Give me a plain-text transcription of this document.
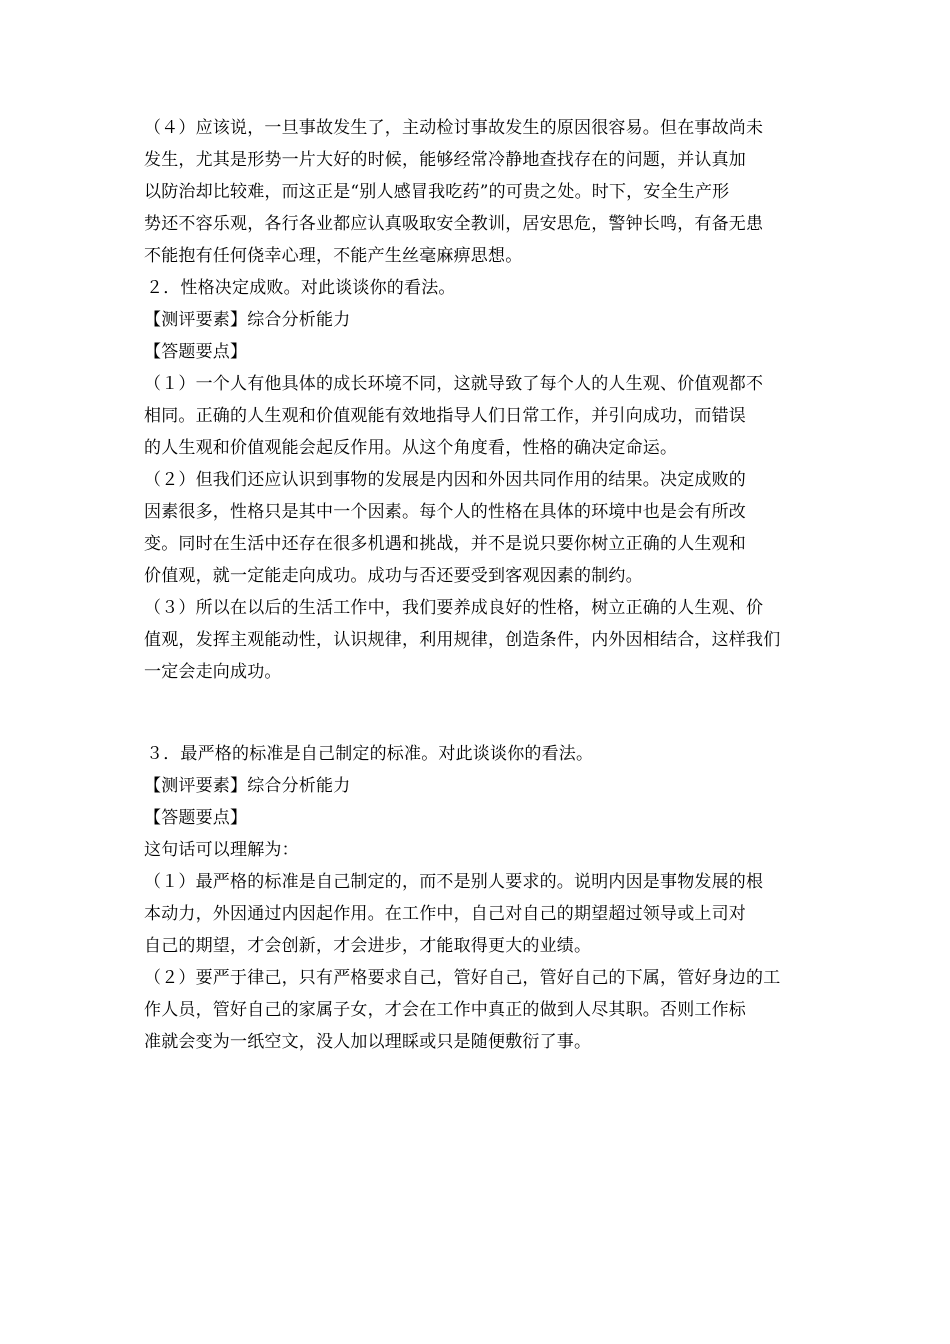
（４）应该说，一旦事故发生了，主动检讨事故发生的原因很容易。但在事故尚未
发生，尤其是形势一片大好的时候，能够经常冷静地查找存在的问题，并认真加
以防治却比较难，而这正是“别人感冒我吃药”的可贵之处。时下，安全生产形
势还不容乐观，各行各业都应认真吸取安全教训，居安思危，警钟长鸣，有备无患
不能抱有任何侥幸心理，不能产生丝毫麻痹思想。
２．性格决定成败。对此谈谈你的看法。
【测评要素】综合分析能力
【答题要点】
（１）一个人有他具体的成长环境不同，这就导致了每个人的人生观、价值观都不
相同。正确的人生观和价值观能有效地指导人们日常工作，并引向成功，而错误
的人生观和价值观能会起反作用。从这个角度看，性格的确决定命运。
（２）但我们还应认识到事物的发展是内因和外因共同作用的结果。决定成败的
因素很多，性格只是其中一个因素。每个人的性格在具体的环境中也是会有所改
变。同时在生活中还存在很多机遇和挑战，并不是说只要你树立正确的人生观和
价值观，就一定能走向成功。成功与否还要受到客观因素的制约。
（３）所以在以后的生活工作中，我们要养成良好的性格，树立正确的人生观、价
值观，发挥主观能动性，认识规律，利用规律，创造条件，内外因相结合，这样我们
一定会走向成功。
３．最严格的标准是自己制定的标准。对此谈谈你的看法。
【测评要素】综合分析能力
【答题要点】
这句话可以理解为：
（１）最严格的标准是自己制定的，而不是别人要求的。说明内因是事物发展的根
本动力，外因通过内因起作用。在工作中，自己对自己的期望超过领导或上司对
自己的期望，才会创新，才会进步，才能取得更大的业绩。
（２）要严于律己，只有严格要求自己，管好自己，管好自己的下属，管好身边的工
作人员，管好自己的家属子女，才会在工作中真正的做到人尽其职。否则工作标
准就会变为一纸空文，没人加以理睬或只是随便敷衍了事。
